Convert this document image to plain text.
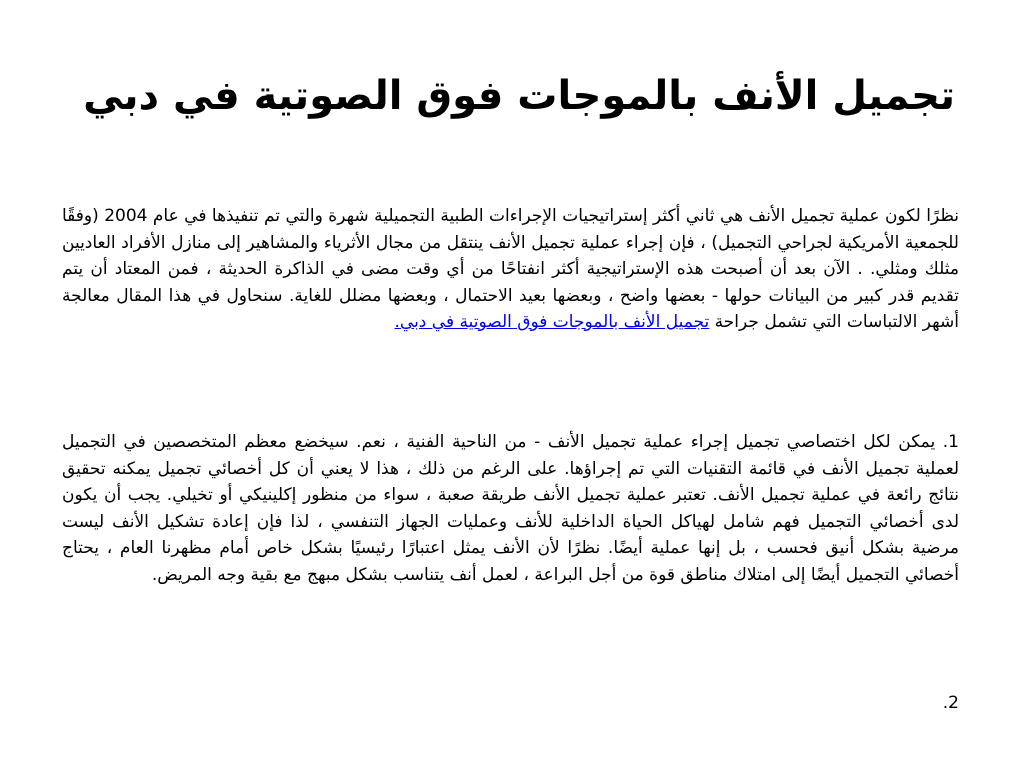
تجميل الأنف بالموجات فوق الصوتية في دبي

نظرًا لكون عملية تجميل الأنف هي ثاني أكثر إستراتيجيات الإجراءات الطبية التجميلية شهرة والتي تم تنفيذها في عام 2004 (وفقًا للجمعية الأمريكية لجراحي التجميل) ، فإن إجراء عملية تجميل الأنف ينتقل من مجال الأثرياء والمشاهير إلى منازل الأفراد العاديين مثلك ومثلي. . الآن بعد أن أصبحت هذه الإستراتيجية أكثر انفتاحًا من أي وقت مضى في الذاكرة الحديثة ، فمن المعتاد أن يتم تقديم قدر كبير من البيانات حولها - بعضها واضح ، وبعضها بعيد الاحتمال ، وبعضها مضلل للغاية. سنحاول في هذا المقال معالجة أشهر الالتباسات التي تشمل جراحة تجميل الأنف بالموجات فوق الصوتية في دبي.

1. يمكن لكل اختصاصي تجميل إجراء عملية تجميل الأنف - من الناحية الفنية ، نعم. سيخضع معظم المتخصصين في التجميل لعملية تجميل الأنف في قائمة التقنيات التي تم إجراؤها. على الرغم من ذلك ، هذا لا يعني أن كل أخصائي تجميل يمكنه تحقيق نتائج رائعة في عملية تجميل الأنف. تعتبر عملية تجميل الأنف طريقة صعبة ، سواء من منظور إكلينيكي أو تخيلي. يجب أن يكون لدى أخصائي التجميل فهم شامل لهياكل الحياة الداخلية للأنف وعمليات الجهاز التنفسي ، لذا فإن إعادة تشكيل الأنف ليست مرضية بشكل أنيق فحسب ، بل إنها عملية أيضًا. نظرًا لأن الأنف يمثل اعتبارًا رئيسيًا بشكل خاص أمام مظهرنا العام ، يحتاج أخصائي التجميل أيضًا إلى امتلاك مناطق قوة من أجل البراعة ، لعمل أنف يتناسب بشكل مبهج مع بقية وجه المريض.

2.
